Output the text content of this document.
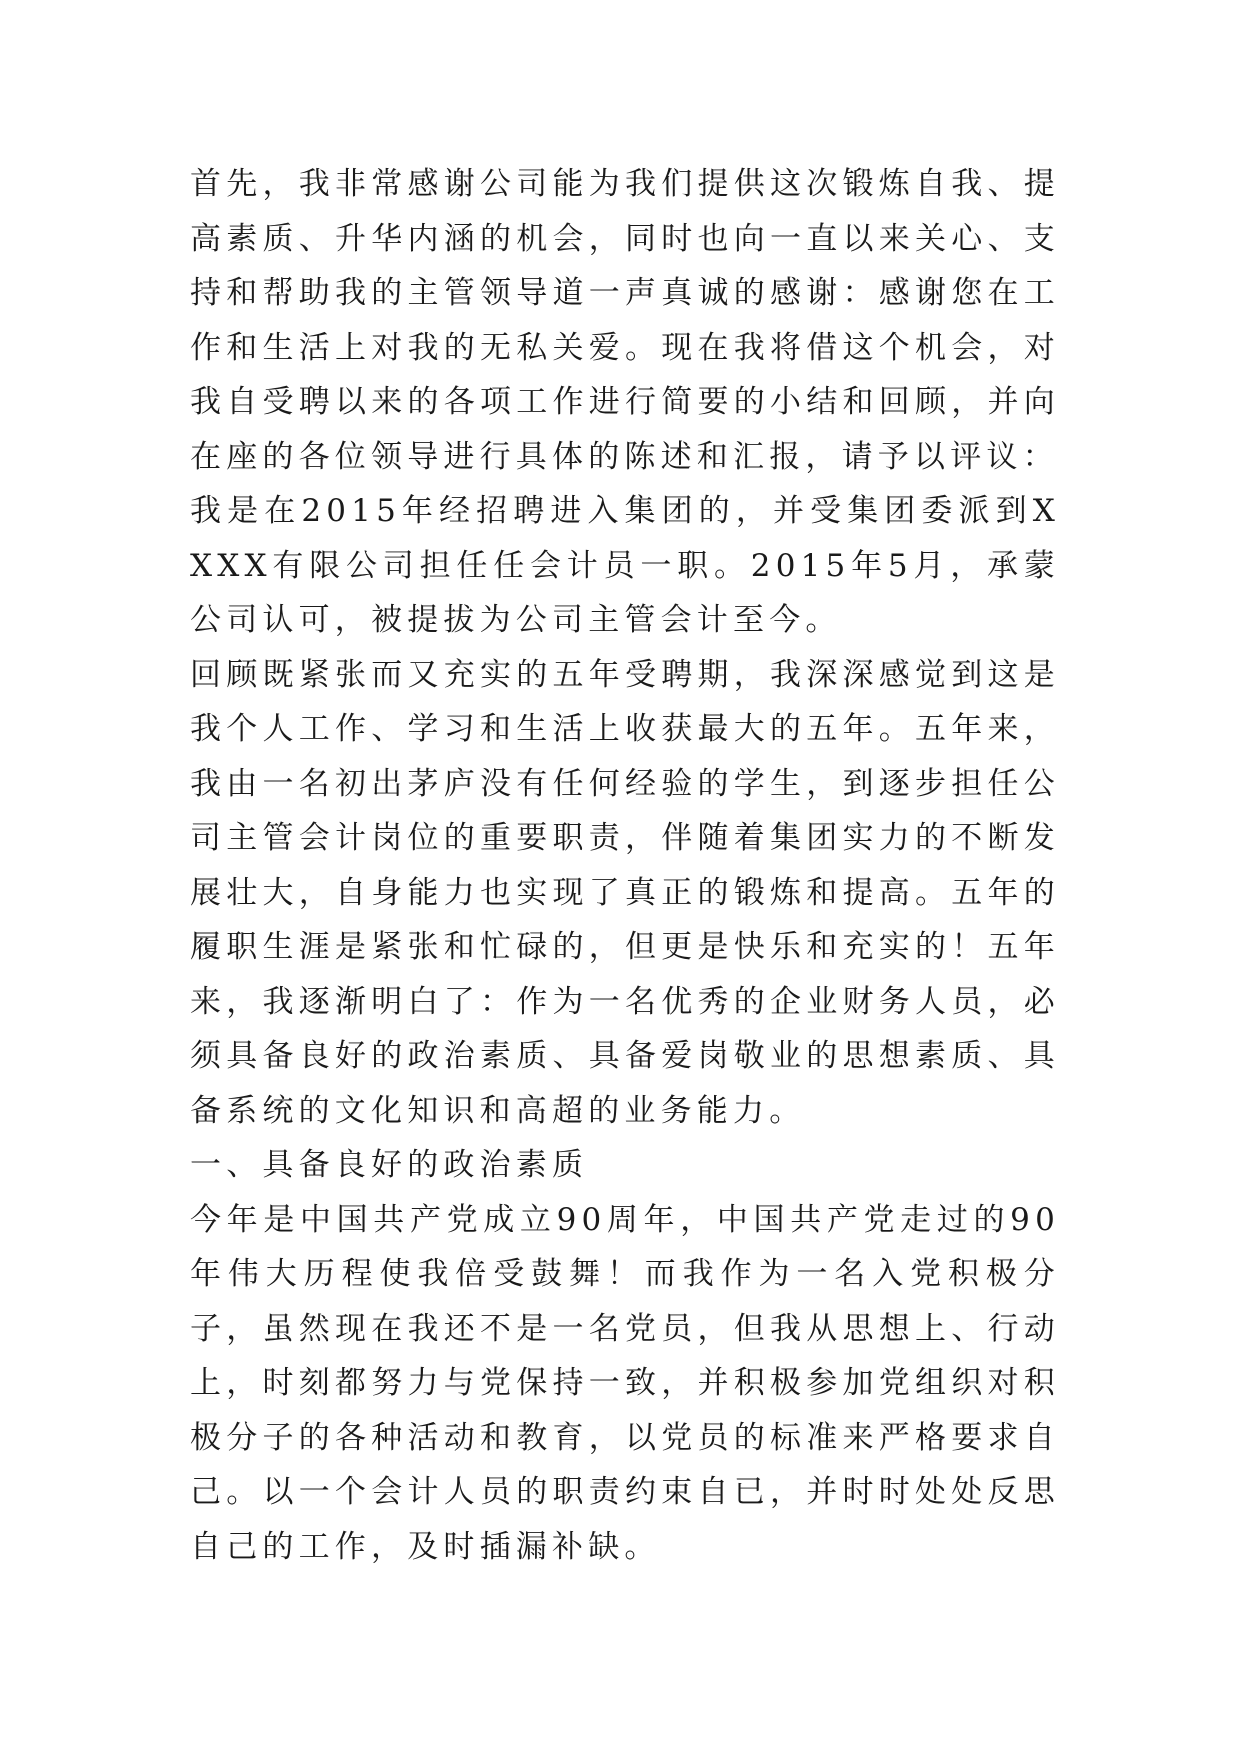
首先，我非常感谢公司能为我们提供这次锻炼自我、提高素质、升华内涵的机会，同时也向一直以来关心、支持和帮助我的主管领导道一声真诚的感谢：感谢您在工作和生活上对我的无私关爱。现在我将借这个机会，对我自受聘以来的各项工作进行简要的小结和回顾，并向在座的各位领导进行具体的陈述和汇报，请予以评议：

我是在2015年经招聘进入集团的，并受集团委派到XXXX有限公司担任任会计员一职。2015年5月，承蒙公司认可，被提拔为公司主管会计至今。

回顾既紧张而又充实的五年受聘期，我深深感觉到这是我个人工作、学习和生活上收获最大的五年。五年来，我由一名初出茅庐没有任何经验的学生，到逐步担任公司主管会计岗位的重要职责，伴随着集团实力的不断发展壮大，自身能力也实现了真正的锻炼和提高。五年的履职生涯是紧张和忙碌的，但更是快乐和充实的！五年来，我逐渐明白了：作为一名优秀的企业财务人员，必须具备良好的政治素质、具备爱岗敬业的思想素质、具备系统的文化知识和高超的业务能力。

一、具备良好的政治素质

今年是中国共产党成立90周年，中国共产党走过的90年伟大历程使我倍受鼓舞！而我作为一名入党积极分子，虽然现在我还不是一名党员，但我从思想上、行动上，时刻都努力与党保持一致，并积极参加党组织对积极分子的各种活动和教育，以党员的标准来严格要求自己。以一个会计人员的职责约束自已，并时时处处反思自己的工作，及时插漏补缺。
